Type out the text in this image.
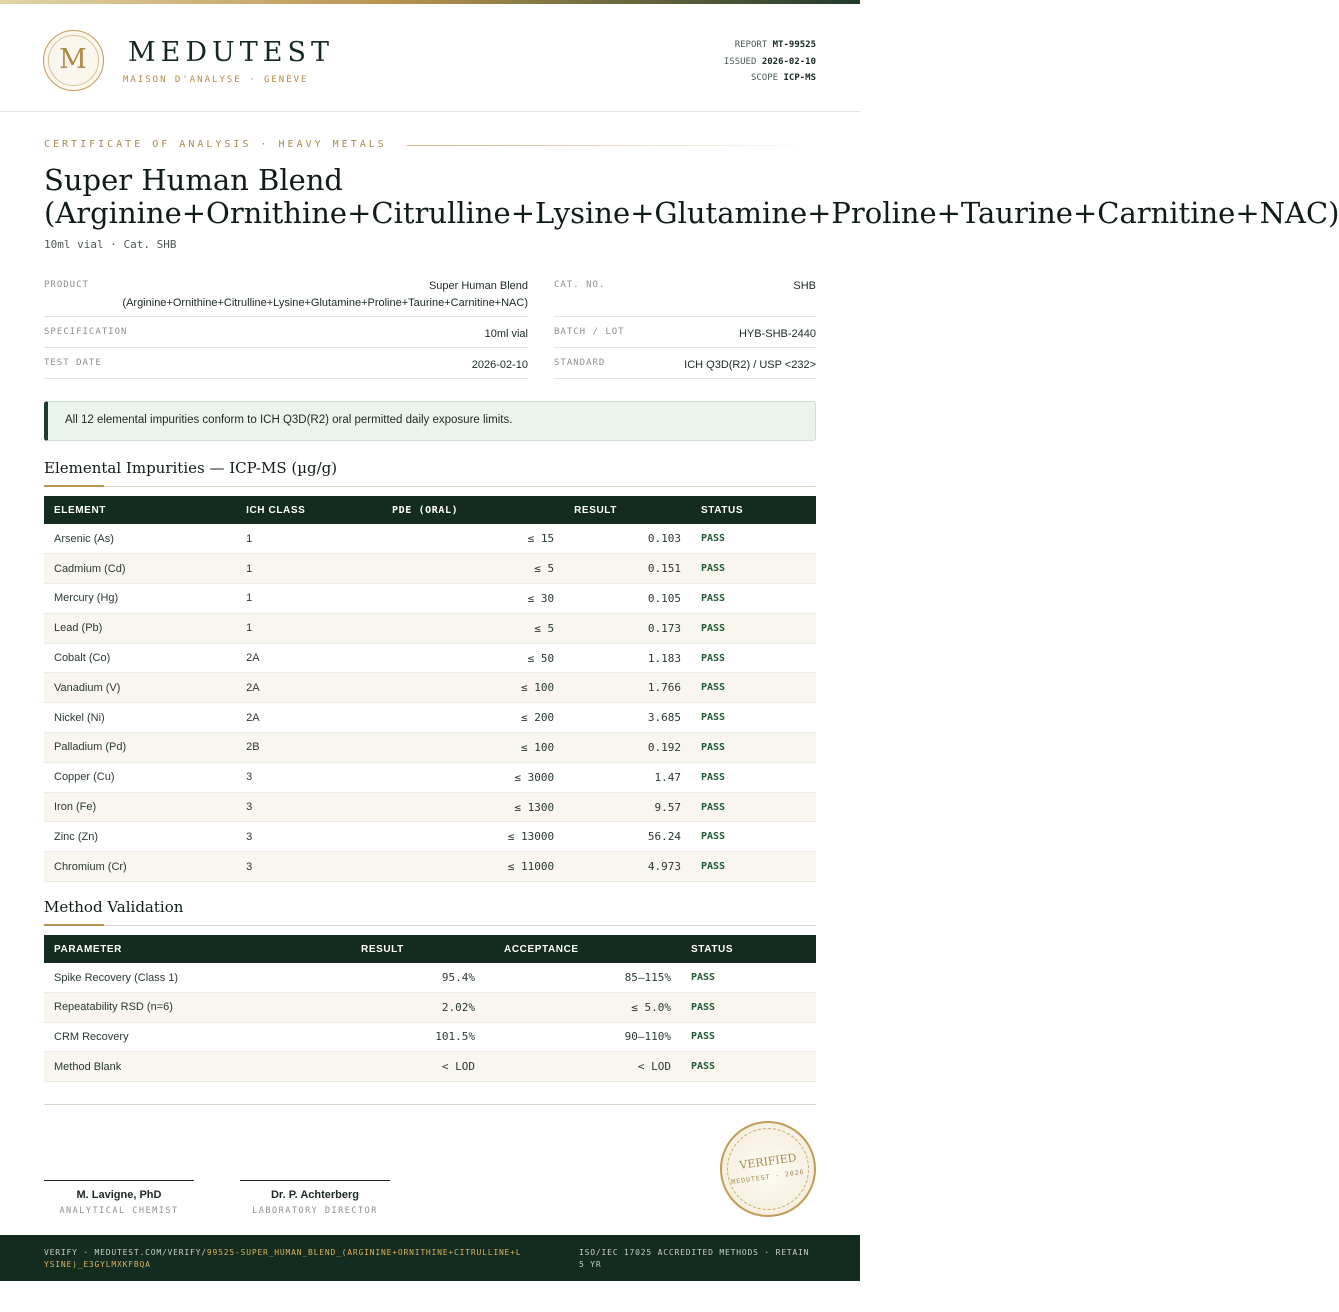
M	MEDUTEST
MAISON D'ANALYSE · GENÈVE
REPORT MT-99525
ISSUED 2026-02-10
SCOPE ICP-MS
CERTIFICATE OF ANALYSIS · HEAVY METALS
Super Human Blend
(Arginine+Ornithine+Citrulline+Lysine+Glutamine+Proline+Taurine+Carnitine+NAC)
10ml vial · Cat. SHB
PRODUCT	Super Human Blend
(Arginine+Ornithine+Citrulline+Lysine+Glutamine+Proline+Taurine+Carnitine+NAC)
SPECIFICATION	10ml vial
TEST DATE	2026-02-10
CAT. NO.	SHB
BATCH / LOT	HYB-SHB-2440
STANDARD	ICH Q3D(R2) / USP <232>
All 12 elemental impurities conform to ICH Q3D(R2) oral permitted daily exposure limits.
Elemental Impurities — ICP-MS (µg/g)
ELEMENT	ICH CLASS	PDE (ORAL)	RESULT	STATUS
Arsenic (As)	1	≤ 15	0.103	PASS
Cadmium (Cd)	1	≤ 5	0.151	PASS
Mercury (Hg)	1	≤ 30	0.105	PASS
Lead (Pb)	1	≤ 5	0.173	PASS
Cobalt (Co)	2A	≤ 50	1.183	PASS
Vanadium (V)	2A	≤ 100	1.766	PASS
Nickel (Ni)	2A	≤ 200	3.685	PASS
Palladium (Pd)	2B	≤ 100	0.192	PASS
Copper (Cu)	3	≤ 3000	1.47	PASS
Iron (Fe)	3	≤ 1300	9.57	PASS
Zinc (Zn)	3	≤ 13000	56.24	PASS
Chromium (Cr)	3	≤ 11000	4.973	PASS
Method Validation
PARAMETER	RESULT	ACCEPTANCE	STATUS
Spike Recovery (Class 1)	95.4%	85–115%	PASS
Repeatability RSD (n=6)	2.02%	≤ 5.0%	PASS
CRM Recovery	101.5%	90–110%	PASS
Method Blank	< LOD	< LOD	PASS
M. Lavigne, PhD
ANALYTICAL CHEMIST
Dr. P. Achterberg
LABORATORY DIRECTOR
VERIFIED
MEDUTEST · 2026
VERIFY · MEDUTEST.COM/VERIFY/99525-SUPER_HUMAN_BLEND_(ARGININE+ORNITHINE+CITRULLINE+LYSINE)_E3GYLMXKFBQA
ISO/IEC 17025 ACCREDITED METHODS · RETAIN 5 YR
